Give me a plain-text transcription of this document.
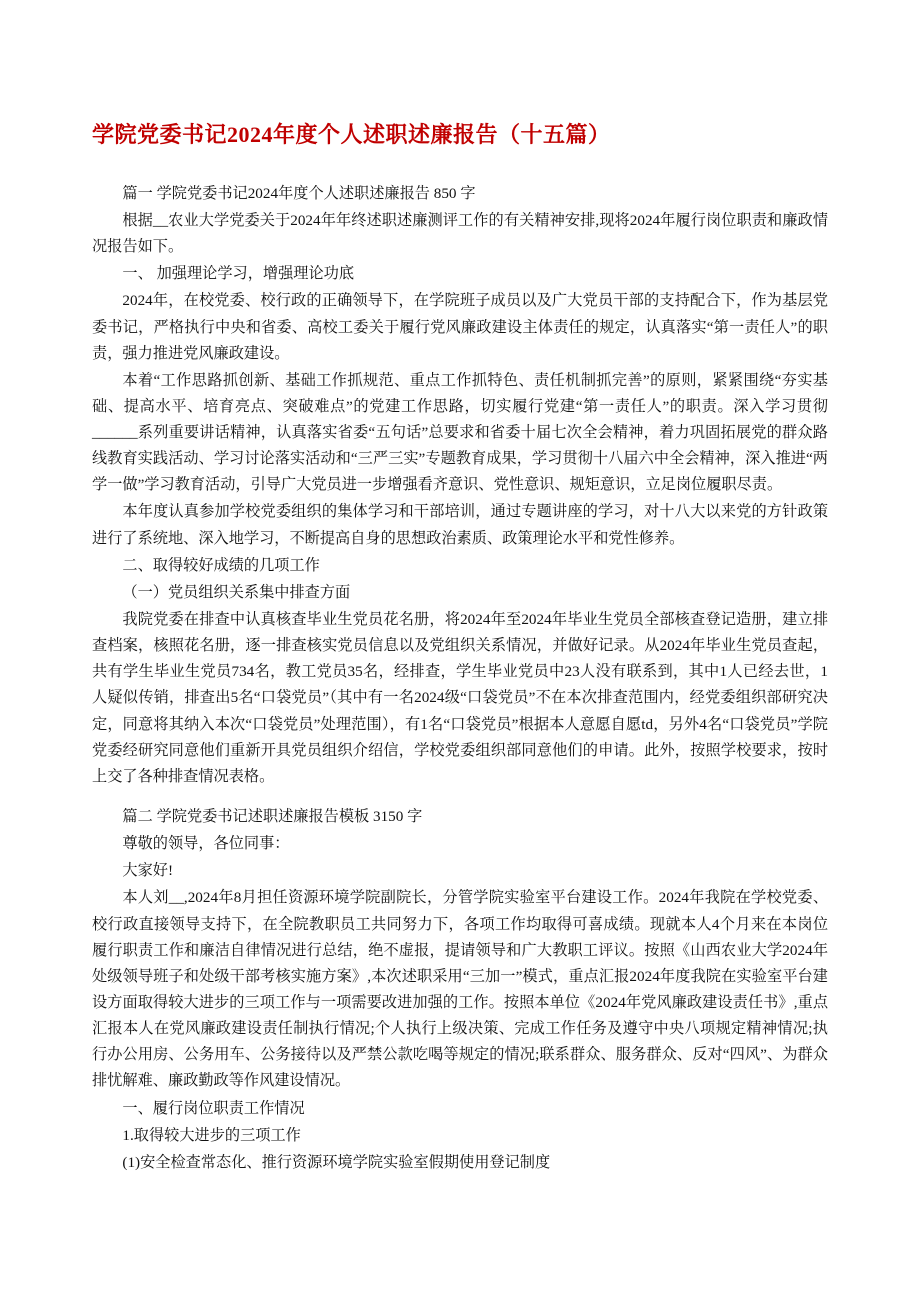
学院党委书记2024年度个人述职述廉报告（十五篇）

篇一 学院党委书记2024年度个人述职述廉报告 850 字

根据__农业大学党委关于2024年年终述职述廉测评工作的有关精神安排,现将2024年履行岗位职责和廉政情况报告如下。

一、 加强理论学习，增强理论功底

2024年，在校党委、校行政的正确领导下，在学院班子成员以及广大党员干部的支持配合下，作为基层党委书记，严格执行中央和省委、高校工委关于履行党风廉政建设主体责任的规定，认真落实“第一责任人”的职责，强力推进党风廉政建设。

本着“工作思路抓创新、基础工作抓规范、重点工作抓特色、责任机制抓完善”的原则，紧紧围绕“夯实基础、提高水平、培育亮点、突破难点”的党建工作思路，切实履行党建“第一责任人”的职责。深入学习贯彻______系列重要讲话精神，认真落实省委“五句话”总要求和省委十届七次全会精神，着力巩固拓展党的群众路线教育实践活动、学习讨论落实活动和“三严三实”专题教育成果，学习贯彻十八届六中全会精神，深入推进“两学一做”学习教育活动，引导广大党员进一步增强看齐意识、党性意识、规矩意识，立足岗位履职尽责。

本年度认真参加学校党委组织的集体学习和干部培训，通过专题讲座的学习，对十八大以来党的方针政策进行了系统地、深入地学习，不断提高自身的思想政治素质、政策理论水平和党性修养。

二、取得较好成绩的几项工作

（一）党员组织关系集中排查方面

我院党委在排查中认真核查毕业生党员花名册，将2024年至2024年毕业生党员全部核查登记造册，建立排查档案，核照花名册，逐一排查核实党员信息以及党组织关系情况，并做好记录。从2024年毕业生党员查起，共有学生毕业生党员734名，教工党员35名，经排查，学生毕业党员中23人没有联系到，其中1人已经去世，1人疑似传销，排查出5名“口袋党员”（其中有一名2024级“口袋党员”不在本次排查范围内，经党委组织部研究决定，同意将其纳入本次“口袋党员”处理范围），有1名“口袋党员”根据本人意愿自愿td，另外4名“口袋党员”学院党委经研究同意他们重新开具党员组织介绍信，学校党委组织部同意他们的申请。此外，按照学校要求，按时上交了各种排查情况表格。

篇二 学院党委书记述职述廉报告模板 3150 字

尊敬的领导，各位同事：

大家好!

本人刘__,2024年8月担任资源环境学院副院长，分管学院实验室平台建设工作。2024年我院在学校党委、校行政直接领导支持下，在全院教职员工共同努力下，各项工作均取得可喜成绩。现就本人4个月来在本岗位履行职责工作和廉洁自律情况进行总结，绝不虚报，提请领导和广大教职工评议。按照《山西农业大学2024年处级领导班子和处级干部考核实施方案》,本次述职采用“三加一”模式，重点汇报2024年度我院在实验室平台建设方面取得较大进步的三项工作与一项需要改进加强的工作。按照本单位《2024年党风廉政建设责任书》,重点汇报本人在党风廉政建设责任制执行情况;个人执行上级决策、完成工作任务及遵守中央八项规定精神情况;执行办公用房、公务用车、公务接待以及严禁公款吃喝等规定的情况;联系群众、服务群众、反对“四风”、为群众排忧解难、廉政勤政等作风建设情况。

一、履行岗位职责工作情况

1.取得较大进步的三项工作

(1)安全检查常态化、推行资源环境学院实验室假期使用登记制度
